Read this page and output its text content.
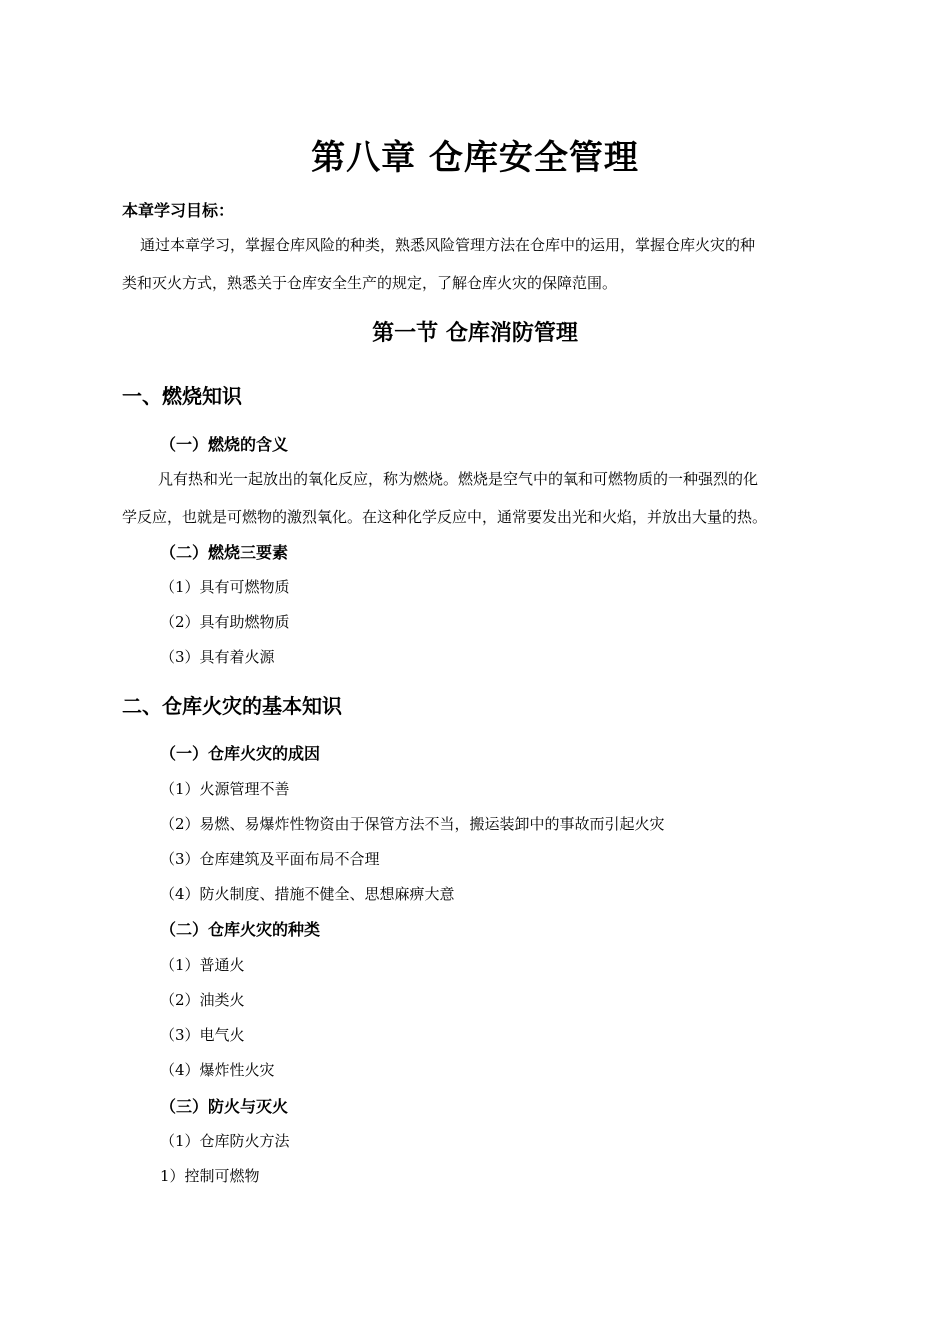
第八章 仓库安全管理
本章学习目标：
通过本章学习，掌握仓库风险的种类，熟悉风险管理方法在仓库中的运用，掌握仓库火灾的种
类和灭火方式，熟悉关于仓库安全生产的规定，了解仓库火灾的保障范围。
第一节 仓库消防管理
一、燃烧知识
（一）燃烧的含义
凡有热和光一起放出的氧化反应，称为燃烧。燃烧是空气中的氧和可燃物质的一种强烈的化
学反应，也就是可燃物的激烈氧化。在这种化学反应中，通常要发出光和火焰，并放出大量的热。
（二）燃烧三要素
（1）具有可燃物质
（2）具有助燃物质
（3）具有着火源
二、仓库火灾的基本知识
（一）仓库火灾的成因
（1）火源管理不善
（2）易燃、易爆炸性物资由于保管方法不当，搬运装卸中的事故而引起火灾
（3）仓库建筑及平面布局不合理
（4）防火制度、措施不健全、思想麻痹大意
（二）仓库火灾的种类
（1）普通火
（2）油类火
（3）电气火
（4）爆炸性火灾
（三）防火与灭火
（1）仓库防火方法
1）控制可燃物
